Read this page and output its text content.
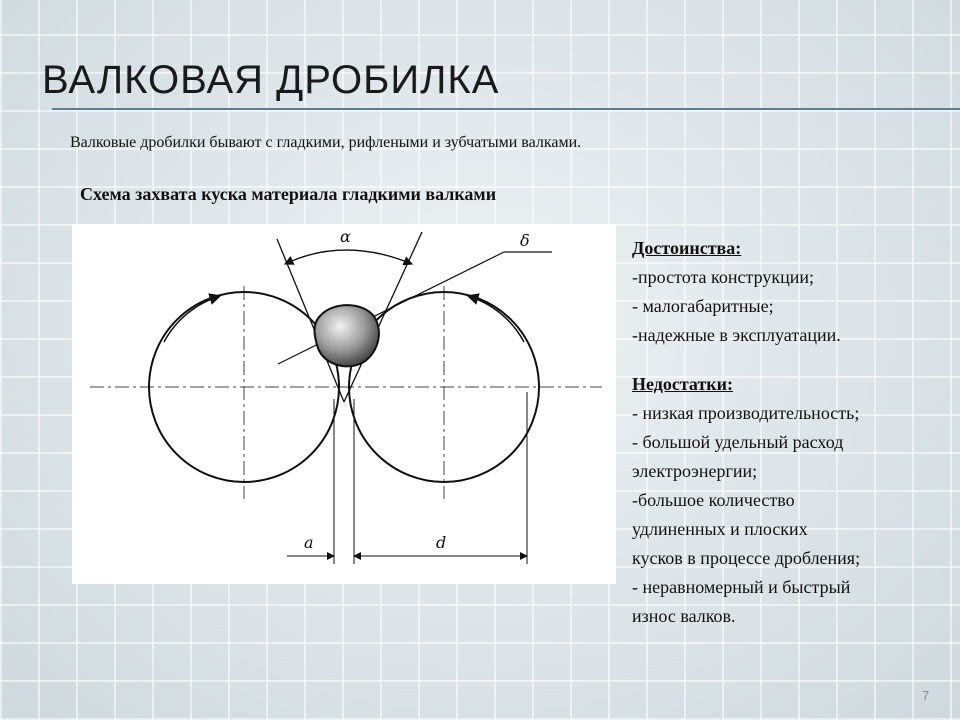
ВАЛКОВАЯ ДРОБИЛКА
Валковые дробилки бывают с гладкими, рифлеными и зубчатыми валками.
Схема захвата куска материала гладкими валками
α	δ
a	d
Достоинства:
-простота конструкции;
- малогабаритные;
-надежные в эксплуатации.
Недостатки:
- низкая производительность;
- большой удельный расход
электроэнергии;
-большое количество
удлиненных и плоских
кусков в процессе дробления;
- неравномерный и быстрый
износ валков.
7
